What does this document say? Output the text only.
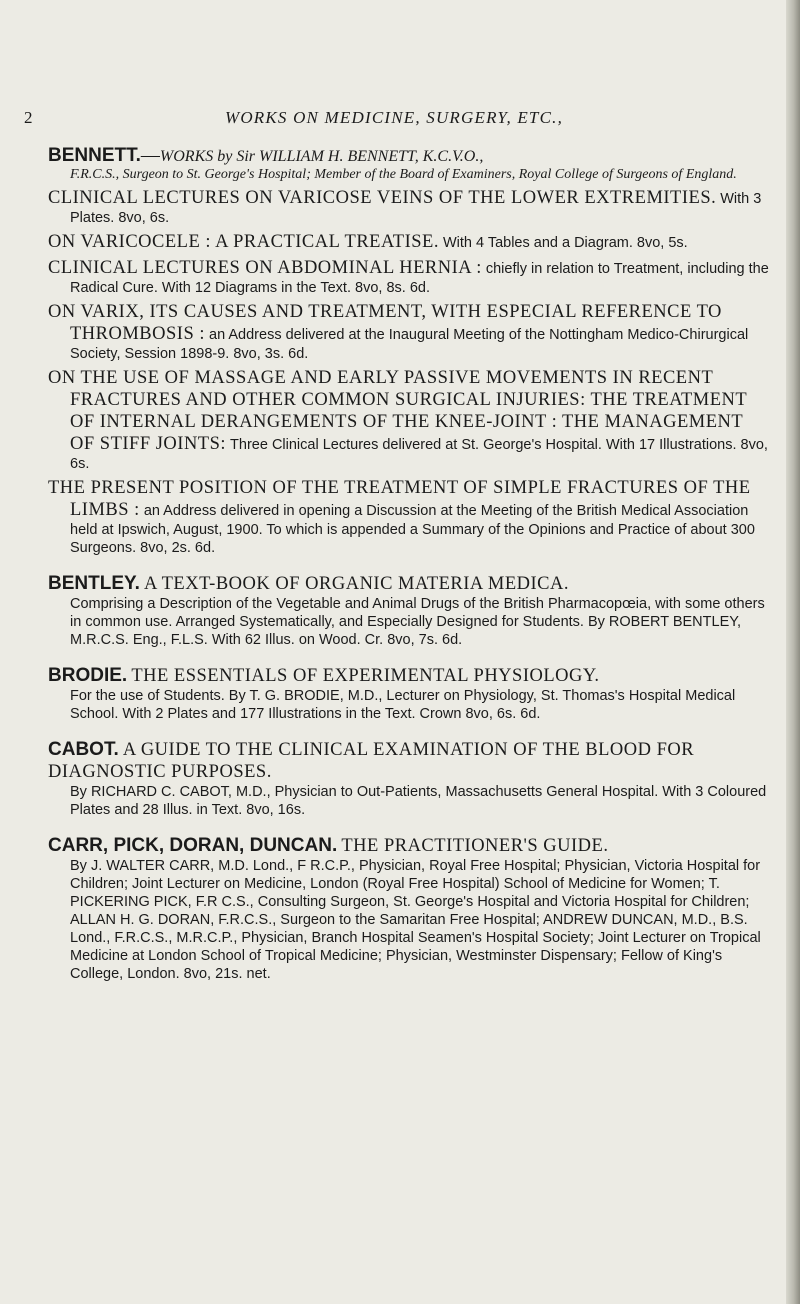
2	WORKS ON MEDICINE, SURGERY, ETC.,
BENNETT.—WORKS by Sir WILLIAM H. BENNETT, K.C.V.O.,
F.R.C.S., Surgeon to St. George's Hospital; Member of the Board of Examiners, Royal College of Surgeons of England.
CLINICAL LECTURES ON VARICOSE VEINS OF THE LOWER EXTREMITIES. With 3 Plates. 8vo, 6s.
ON VARICOCELE : A PRACTICAL TREATISE. With 4 Tables and a Diagram. 8vo, 5s.
CLINICAL LECTURES ON ABDOMINAL HERNIA : chiefly in relation to Treatment, including the Radical Cure. With 12 Diagrams in the Text. 8vo, 8s. 6d.
ON VARIX, ITS CAUSES AND TREATMENT, WITH ESPECIAL REFERENCE TO THROMBOSIS : an Address delivered at the Inaugural Meeting of the Nottingham Medico-Chirurgical Society, Session 1898-9. 8vo, 3s. 6d.
ON THE USE OF MASSAGE AND EARLY PASSIVE MOVEMENTS IN RECENT FRACTURES AND OTHER COMMON SURGICAL INJURIES: THE TREATMENT OF INTERNAL DERANGEMENTS OF THE KNEE-JOINT : THE MANAGEMENT OF STIFF JOINTS: Three Clinical Lectures delivered at St. George's Hospital. With 17 Illustrations. 8vo, 6s.
THE PRESENT POSITION OF THE TREATMENT OF SIMPLE FRACTURES OF THE LIMBS : an Address delivered in opening a Discussion at the Meeting of the British Medical Association held at Ipswich, August, 1900. To which is appended a Summary of the Opinions and Practice of about 300 Surgeons. 8vo, 2s. 6d.
BENTLEY. A TEXT-BOOK OF ORGANIC MATERIA MEDICA.
Comprising a Description of the Vegetable and Animal Drugs of the British Pharmacopœia, with some others in common use. Arranged Systematically, and Especially Designed for Students. By ROBERT BENTLEY, M.R.C.S. Eng., F.L.S. With 62 Illus. on Wood. Cr. 8vo, 7s. 6d.
BRODIE. THE ESSENTIALS OF EXPERIMENTAL PHYSIOLOGY.
For the use of Students. By T. G. BRODIE, M.D., Lecturer on Physiology, St. Thomas's Hospital Medical School. With 2 Plates and 177 Illustrations in the Text. Crown 8vo, 6s. 6d.
CABOT. A GUIDE TO THE CLINICAL EXAMINATION OF THE BLOOD FOR DIAGNOSTIC PURPOSES.
By RICHARD C. CABOT, M.D., Physician to Out-Patients, Massachusetts General Hospital. With 3 Coloured Plates and 28 Illus. in Text. 8vo, 16s.
CARR, PICK, DORAN, DUNCAN. THE PRACTITIONER'S GUIDE.
By J. WALTER CARR, M.D. Lond., F R.C.P., Physician, Royal Free Hospital; Physician, Victoria Hospital for Children; Joint Lecturer on Medicine, London (Royal Free Hospital) School of Medicine for Women; T. PICKERING PICK, F.R C.S., Consulting Surgeon, St. George's Hospital and Victoria Hospital for Children; ALLAN H. G. DORAN, F.R.C.S., Surgeon to the Samaritan Free Hospital; ANDREW DUNCAN, M.D., B.S. Lond., F.R.C.S., M.R.C.P., Physician, Branch Hospital Seamen's Hospital Society; Joint Lecturer on Tropical Medicine at London School of Tropical Medicine; Physician, Westminster Dispensary; Fellow of King's College, London. 8vo, 21s. net.
